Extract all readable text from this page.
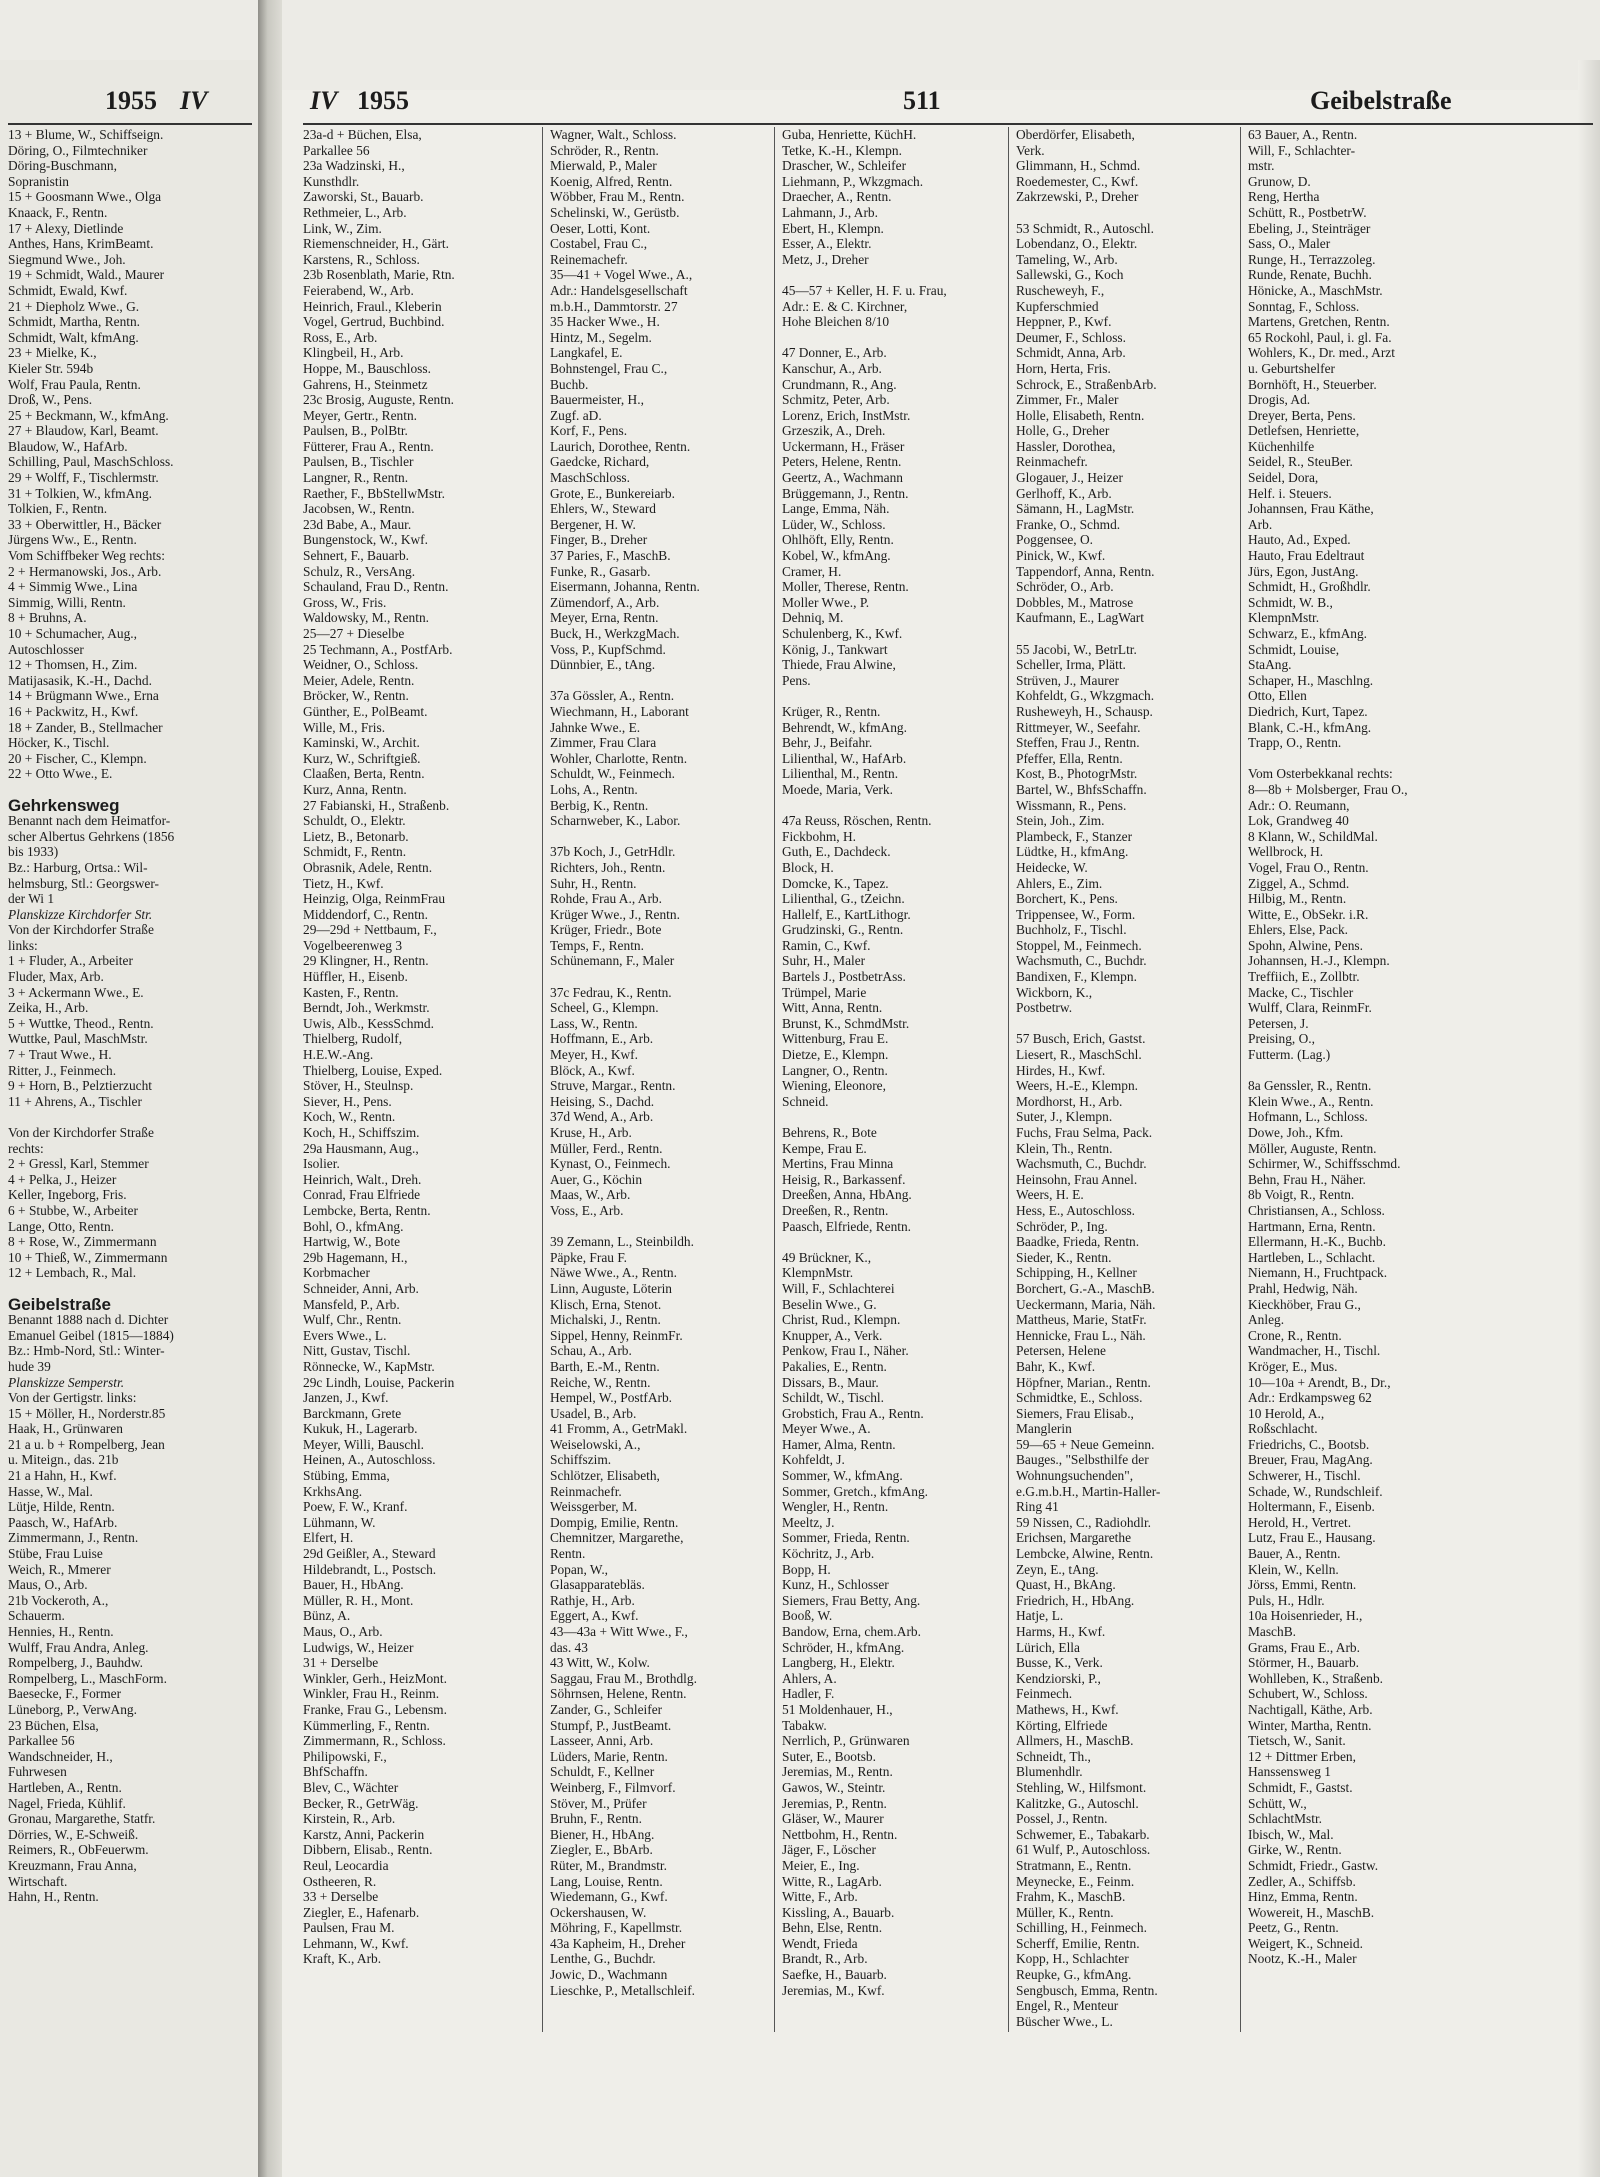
1955 IV	IV 1955	511	Geibelstraße
13 + Blume, W., Schiffseign.
Döring, O., Filmtechniker
Döring-Buschmann,
Sopranistin
15 + Goosmann Wwe., Olga
Knaack, F., Rentn.
17 + Alexy, Dietlinde
Anthes, Hans, KrimBeamt.
Siegmund Wwe., Joh.
19 + Schmidt, Wald., Maurer
Schmidt, Ewald, Kwf.
21 + Diepholz Wwe., G.
Schmidt, Martha, Rentn.
Schmidt, Walt, kfmAng.
23 + Mielke, K.,
Kieler Str. 594b
Wolf, Frau Paula, Rentn.
Droß, W., Pens.
25 + Beckmann, W., kfmAng.
27 + Blaudow, Karl, Beamt.
Blaudow, W., HafArb.
Schilling, Paul, MaschSchloss.
29 + Wolff, F., Tischlermstr.
31 + Tolkien, W., kfmAng.
Tolkien, F., Rentn.
33 + Oberwittler, H., Bäcker
Jürgens Ww., E., Rentn.
Vom Schiffbeker Weg rechts:
2 + Hermanowski, Jos., Arb.
4 + Simmig Wwe., Lina
Simmig, Willi, Rentn.
8 + Bruhns, A.
10 + Schumacher, Aug.,
Autoschlosser
12 + Thomsen, H., Zim.
Matijasasik, K.-H., Dachd.
14 + Brügmann Wwe., Erna
16 + Packwitz, H., Kwf.
18 + Zander, B., Stellmacher
Höcker, K., Tischl.
20 + Fischer, C., Klempn.
22 + Otto Wwe., E.
Gehrkensweg
Benannt nach dem Heimatfor-
scher Albertus Gehrkens (1856
bis 1933)
Bz.: Harburg, Ortsa.: Wil-
helmsburg, Stl.: Georgswer-
der Wi 1
Planskizze Kirchdorfer Str.
Von der Kirchdorfer Straße
links:
1 + Fluder, A., Arbeiter
Fluder, Max, Arb.
3 + Ackermann Wwe., E.
Zeika, H., Arb.
5 + Wuttke, Theod., Rentn.
Wuttke, Paul, MaschMstr.
7 + Traut Wwe., H.
Ritter, J., Feinmech.
9 + Horn, B., Pelztierzucht
11 + Ahrens, A., Tischler
Von der Kirchdorfer Straße
rechts:
2 + Gressl, Karl, Stemmer
4 + Pelka, J., Heizer
Keller, Ingeborg, Fris.
6 + Stubbe, W., Arbeiter
Lange, Otto, Rentn.
8 + Rose, W., Zimmermann
10 + Thieß, W., Zimmermann
12 + Lembach, R., Mal.
Geibelstraße
Benannt 1888 nach d. Dichter
Emanuel Geibel (1815—1884)
Bz.: Hmb-Nord, Stl.: Winter-
hude 39
Planskizze Semperstr.
Von der Gertigstr. links:
15 + Möller, H., Norderstr.85
Haak, H., Grünwaren
21 a u. b + Rompelberg, Jean
u. Miteign., das. 21b
21 a Hahn, H., Kwf.
Hasse, W., Mal.
Lütje, Hilde, Rentn.
Paasch, W., HafArb.
Zimmermann, J., Rentn.
Stübe, Frau Luise
Weich, R., Mmerer
Maus, O., Arb.
21b Vockeroth, A.,
Schauerm.
Hennies, H., Rentn.
Wulff, Frau Andra, Anleg.
Rompelberg, J., Bauhdw.
Rompelberg, L., MaschForm.
Baesecke, F., Former
Lüneborg, P., VerwAng.
23 Büchen, Elsa,
Parkallee 56
Wandschneider, H.,
Fuhrwesen
Hartleben, A., Rentn.
Nagel, Frieda, Kühlif.
Gronau, Margarethe, Statfr.
Dörries, W., E-Schweiß.
Reimers, R., ObFeuerwm.
Kreuzmann, Frau Anna,
Wirtschaft.
Hahn, H., Rentn.
23a-d + Büchen, Elsa,
Parkallee 56
23a Wadzinski, H.,
Kunsthdlr.
Zaworski, St., Bauarb.
Rethmeier, L., Arb.
Link, W., Zim.
Riemenschneider, H., Gärt.
Karstens, R., Schloss.
23b Rosenblath, Marie, Rtn.
Feierabend, W., Arb.
Heinrich, Fraul., Kleberin
Vogel, Gertrud, Buchbind.
Ross, E., Arb.
Klingbeil, H., Arb.
Hoppe, M., Bauschloss.
Gahrens, H., Steinmetz
23c Brosig, Auguste, Rentn.
Meyer, Gertr., Rentn.
Paulsen, B., PolBtr.
Fütterer, Frau A., Rentn.
Paulsen, B., Tischler
Langner, R., Rentn.
Raether, F., BbStellwMstr.
Jacobsen, W., Rentn.
23d Babe, A., Maur.
Bungenstock, W., Kwf.
Sehnert, F., Bauarb.
Schulz, R., VersAng.
Schauland, Frau D., Rentn.
Gross, W., Fris.
Waldowsky, M., Rentn.
25—27 + Dieselbe
25 Techmann, A., PostfArb.
Weidner, O., Schloss.
Meier, Adele, Rentn.
Bröcker, W., Rentn.
Günther, E., PolBeamt.
Wille, M., Fris.
Kaminski, W., Archit.
Kurz, W., Schriftgieß.
Claaßen, Berta, Rentn.
Kurz, Anna, Rentn.
27 Fabianski, H., Straßenb.
Schuldt, O., Elektr.
Lietz, B., Betonarb.
Schmidt, F., Rentn.
Obrasnik, Adele, Rentn.
Tietz, H., Kwf.
Heinzig, Olga, ReinmFrau
Middendorf, C., Rentn.
29—29d + Nettbaum, F.,
Vogelbeerenweg 3
29 Klingner, H., Rentn.
Hüffler, H., Eisenb.
Kasten, F., Rentn.
Berndt, Joh., Werkmstr.
Uwis, Alb., KessSchmd.
Thielberg, Rudolf,
H.E.W.-Ang.
Thielberg, Louise, Exped.
Stöver, H., Steulnsp.
Siever, H., Pens.
Koch, W., Rentn.
Koch, H., Schiffszim.
29a Hausmann, Aug.,
Isolier.
Heinrich, Walt., Dreh.
Conrad, Frau Elfriede
Lembcke, Berta, Rentn.
Bohl, O., kfmAng.
Hartwig, W., Bote
29b Hagemann, H.,
Korbmacher
Schneider, Anni, Arb.
Mansfeld, P., Arb.
Wulf, Chr., Rentn.
Evers Wwe., L.
Nitt, Gustav, Tischl.
Rönnecke, W., KapMstr.
29c Lindh, Louise, Packerin
Janzen, J., Kwf.
Barckmann, Grete
Kukuk, H., Lagerarb.
Meyer, Willi, Bauschl.
Heinen, A., Autoschloss.
Stübing, Emma,
KrkhsAng.
Poew, F. W., Kranf.
Lühmann, W.
Elfert, H.
29d Geißler, A., Steward
Hildebrandt, L., Postsch.
Bauer, H., HbAng.
Müller, R. H., Mont.
Bünz, A.
Maus, O., Arb.
Ludwigs, W., Heizer
31 + Derselbe
Winkler, Gerh., HeizMont.
Winkler, Frau H., Reinm.
Franke, Frau G., Lebensm.
Kümmerling, F., Rentn.
Zimmermann, R., Schloss.
Philipowski, F.,
BhfSchaffn.
Blev, C., Wächter
Becker, R., GetrWäg.
Kirstein, R., Arb.
Karstz, Anni, Packerin
Dibbern, Elisab., Rentn.
Reul, Leocardia
Ostheeren, R.
33 + Derselbe
Ziegler, E., Hafenarb.
Paulsen, Frau M.
Lehmann, W., Kwf.
Kraft, K., Arb.
Wagner, Walt., Schloss.
Schröder, R., Rentn.
Mierwald, P., Maler
Koenig, Alfred, Rentn.
Wöbber, Frau M., Rentn.
Schelinski, W., Gerüstb.
Oeser, Lotti, Kont.
Costabel, Frau C.,
Reinemachefr.
35—41 + Vogel Wwe., A.,
Adr.: Handelsgesellschaft
m.b.H., Dammtorstr. 27
35 Hacker Wwe., H.
Hintz, M., Segelm.
Langkafel, E.
Bohnstengel, Frau C.,
Buchb.
Bauermeister, H.,
Zugf. aD.
Korf, F., Pens.
Laurich, Dorothee, Rentn.
Gaedcke, Richard,
MaschSchloss.
Grote, E., Bunkereiarb.
Ehlers, W., Steward
Bergener, H. W.
Finger, B., Dreher
37 Paries, F., MaschB.
Funke, R., Gasarb.
Eisermann, Johanna, Rentn.
Zümendorf, A., Arb.
Meyer, Erna, Rentn.
Buck, H., WerkzgMach.
Voss, P., KupfSchmd.
Dünnbier, E., tAng.
37a Gössler, A., Rentn.
Wiechmann, H., Laborant
Jahnke Wwe., E.
Zimmer, Frau Clara
Wohler, Charlotte, Rentn.
Schuldt, W., Feinmech.
Lohs, A., Rentn.
Berbig, K., Rentn.
Scharnweber, K., Labor.
37b Koch, J., GetrHdlr.
Richters, Joh., Rentn.
Suhr, H., Rentn.
Rohde, Frau A., Arb.
Krüger Wwe., J., Rentn.
Krüger, Friedr., Bote
Temps, F., Rentn.
Schünemann, F., Maler
37c Fedrau, K., Rentn.
Scheel, G., Klempn.
Lass, W., Rentn.
Hoffmann, E., Arb.
Meyer, H., Kwf.
Blöck, A., Kwf.
Struve, Margar., Rentn.
Heising, S., Dachd.
37d Wend, A., Arb.
Kruse, H., Arb.
Müller, Ferd., Rentn.
Kynast, O., Feinmech.
Auer, G., Köchin
Maas, W., Arb.
Voss, E., Arb.
39 Zemann, L., Steinbildh.
Päpke, Frau F.
Näwe Wwe., A., Rentn.
Linn, Auguste, Löterin
Klisch, Erna, Stenot.
Michalski, J., Rentn.
Sippel, Henny, ReinmFr.
Schau, A., Arb.
Barth, E.-M., Rentn.
Reiche, W., Rentn.
Hempel, W., PostfArb.
Usadel, B., Arb.
41 Fromm, A., GetrMakl.
Weiselowski, A.,
Schiffszim.
Schlötzer, Elisabeth,
Reinmachefr.
Weissgerber, M.
Dompig, Emilie, Rentn.
Chemnitzer, Margarethe,
Rentn.
Popan, W.,
Glasapparatebläs.
Rathje, H., Arb.
Eggert, A., Kwf.
43—43a + Witt Wwe., F.,
das. 43
43 Witt, W., Kolw.
Saggau, Frau M., Brothdlg.
Söhrnsen, Helene, Rentn.
Zander, G., Schleifer
Stumpf, P., JustBeamt.
Lasseer, Anni, Arb.
Lüders, Marie, Rentn.
Schuldt, F., Kellner
Weinberg, F., Filmvorf.
Stöver, M., Prüfer
Bruhn, F., Rentn.
Biener, H., HbAng.
Ziegler, E., BbArb.
Rüter, M., Brandmstr.
Lang, Louise, Rentn.
Wiedemann, G., Kwf.
Ockershausen, W.
Möhring, F., Kapellmstr.
43a Kapheim, H., Dreher
Lenthe, G., Buchdr.
Jowic, D., Wachmann
Lieschke, P., Metallschleif.
Guba, Henriette, KüchH.
Tetke, K.-H., Klempn.
Drascher, W., Schleifer
Liehmann, P., Wkzgmach.
Draecher, A., Rentn.
Lahmann, J., Arb.
Ebert, H., Klempn.
Esser, A., Elektr.
Metz, J., Dreher
45—57 + Keller, H. F. u. Frau,
Adr.: E. & C. Kirchner,
Hohe Bleichen 8/10
47 Donner, E., Arb.
Kanschur, A., Arb.
Crundmann, R., Ang.
Schmitz, Peter, Arb.
Lorenz, Erich, InstMstr.
Grzeszik, A., Dreh.
Uckermann, H., Fräser
Peters, Helene, Rentn.
Geertz, A., Wachmann
Brüggemann, J., Rentn.
Lange, Emma, Näh.
Lüder, W., Schloss.
Ohlhöft, Elly, Rentn.
Kobel, W., kfmAng.
Cramer, H.
Moller, Therese, Rentn.
Moller Wwe., P.
Dehniq, M.
Schulenberg, K., Kwf.
König, J., Tankwart
Thiede, Frau Alwine,
Pens.
Krüger, R., Rentn.
Behrendt, W., kfmAng.
Behr, J., Beifahr.
Lilienthal, W., HafArb.
Lilienthal, M., Rentn.
Moede, Maria, Verk.
47a Reuss, Röschen, Rentn.
Fickbohm, H.
Guth, E., Dachdeck.
Block, H.
Domcke, K., Tapez.
Lilienthal, G., tZeichn.
Hallelf, E., KartLithogr.
Grudzinski, G., Rentn.
Ramin, C., Kwf.
Suhr, H., Maler
Bartels J., PostbetrAss.
Trümpel, Marie
Witt, Anna, Rentn.
Brunst, K., SchmdMstr.
Wittenburg, Frau E.
Dietze, E., Klempn.
Langner, O., Rentn.
Wiening, Eleonore,
Schneid.
Behrens, R., Bote
Kempe, Frau E.
Mertins, Frau Minna
Heisig, R., Barkassenf.
Dreeßen, Anna, HbAng.
Dreeßen, R., Rentn.
Paasch, Elfriede, Rentn.
49 Brückner, K.,
KlempnMstr.
Will, F., Schlachterei
Beselin Wwe., G.
Christ, Rud., Klempn.
Knupper, A., Verk.
Penkow, Frau I., Näher.
Pakalies, E., Rentn.
Dissars, B., Maur.
Schildt, W., Tischl.
Grobstich, Frau A., Rentn.
Meyer Wwe., A.
Hamer, Alma, Rentn.
Kohfeldt, J.
Sommer, W., kfmAng.
Sommer, Gretch., kfmAng.
Wengler, H., Rentn.
Meeltz, J.
Sommer, Frieda, Rentn.
Köchritz, J., Arb.
Bopp, H.
Kunz, H., Schlosser
Siemers, Frau Betty, Ang.
Booß, W.
Bandow, Erna, chem.Arb.
Schröder, H., kfmAng.
Langberg, H., Elektr.
Ahlers, A.
Hadler, F.
51 Moldenhauer, H.,
Tabakw.
Nerrlich, P., Grünwaren
Suter, E., Bootsb.
Jeremias, M., Rentn.
Gawos, W., Steintr.
Jeremias, P., Rentn.
Gläser, W., Maurer
Nettbohm, H., Rentn.
Jäger, F., Löscher
Meier, E., Ing.
Witte, R., LagArb.
Witte, F., Arb.
Kissling, A., Bauarb.
Behn, Else, Rentn.
Wendt, Frieda
Brandt, R., Arb.
Saefke, H., Bauarb.
Jeremias, M., Kwf.
Oberdörfer, Elisabeth,
Verk.
Glimmann, H., Schmd.
Roedemester, C., Kwf.
Zakrzewski, P., Dreher
53 Schmidt, R., Autoschl.
Lobendanz, O., Elektr.
Tameling, W., Arb.
Sallewski, G., Koch
Ruscheweyh, F.,
Kupferschmied
Heppner, P., Kwf.
Deumer, F., Schloss.
Schmidt, Anna, Arb.
Horn, Herta, Fris.
Schrock, E., StraßenbArb.
Zimmer, Fr., Maler
Holle, Elisabeth, Rentn.
Holle, G., Dreher
Hassler, Dorothea,
Reinmachefr.
Glogauer, J., Heizer
Gerlhoff, K., Arb.
Sämann, H., LagMstr.
Franke, O., Schmd.
Poggensee, O.
Pinick, W., Kwf.
Tappendorf, Anna, Rentn.
Schröder, O., Arb.
Dobbles, M., Matrose
Kaufmann, E., LagWart
55 Jacobi, W., BetrLtr.
Scheller, Irma, Plätt.
Strüven, J., Maurer
Kohfeldt, G., Wkzgmach.
Rusheweyh, H., Schausp.
Rittmeyer, W., Seefahr.
Steffen, Frau J., Rentn.
Pfeffer, Ella, Rentn.
Kost, B., PhotogrMstr.
Bartel, W., BhfsSchaffn.
Wissmann, R., Pens.
Stein, Joh., Zim.
Plambeck, F., Stanzer
Lüdtke, H., kfmAng.
Heidecke, W.
Ahlers, E., Zim.
Borchert, K., Pens.
Trippensee, W., Form.
Buchholz, F., Tischl.
Stoppel, M., Feinmech.
Wachsmuth, C., Buchdr.
Bandixen, F., Klempn.
Wickborn, K.,
Postbetrw.
57 Busch, Erich, Gastst.
Liesert, R., MaschSchl.
Hirdes, H., Kwf.
Weers, H.-E., Klempn.
Mordhorst, H., Arb.
Suter, J., Klempn.
Fuchs, Frau Selma, Pack.
Klein, Th., Rentn.
Wachsmuth, C., Buchdr.
Heinsohn, Frau Annel.
Weers, H. E.
Hess, E., Autoschloss.
Schröder, P., Ing.
Baadke, Frieda, Rentn.
Sieder, K., Rentn.
Schipping, H., Kellner
Borchert, G.-A., MaschB.
Ueckermann, Maria, Näh.
Mattheus, Marie, StatFr.
Hennicke, Frau L., Näh.
Petersen, Helene
Bahr, K., Kwf.
Höpfner, Marian., Rentn.
Schmidtke, E., Schloss.
Siemers, Frau Elisab.,
Manglerin
59—65 + Neue Gemeinn.
Bauges., "Selbsthilfe der
Wohnungsuchenden",
e.G.m.b.H., Martin-Haller-
Ring 41
59 Nissen, C., Radiohdlr.
Erichsen, Margarethe
Lembcke, Alwine, Rentn.
Zeyn, E., tAng.
Quast, H., BkAng.
Friedrich, H., HbAng.
Hatje, L.
Harms, H., Kwf.
Lürich, Ella
Busse, K., Verk.
Kendziorski, P.,
Feinmech.
Mathews, H., Kwf.
Körting, Elfriede
Allmers, H., MaschB.
Schneidt, Th.,
Blumenhdlr.
Stehling, W., Hilfsmont.
Kalitzke, G., Autoschl.
Possel, J., Rentn.
Schwemer, E., Tabakarb.
61 Wulf, P., Autoschloss.
Stratmann, E., Rentn.
Meynecke, E., Feinm.
Frahm, K., MaschB.
Müller, K., Rentn.
Schilling, H., Feinmech.
Scherff, Emilie, Rentn.
Kopp, H., Schlachter
Reupke, G., kfmAng.
Sengbusch, Emma, Rentn.
Engel, R., Menteur
Büscher Wwe., L.
63 Bauer, A., Rentn.
Will, F., Schlachter-
mstr.
Grunow, D.
Reng, Hertha
Schütt, R., PostbetrW.
Ebeling, J., Steinträger
Sass, O., Maler
Runge, H., Terrazzoleg.
Runde, Renate, Buchh.
Hönicke, A., MaschMstr.
Sonntag, F., Schloss.
Martens, Gretchen, Rentn.
65 Rockohl, Paul, i. gl. Fa.
Wohlers, K., Dr. med., Arzt
u. Geburtshelfer
Bornhöft, H., Steuerber.
Drogis, Ad.
Dreyer, Berta, Pens.
Detlefsen, Henriette,
Küchenhilfe
Seidel, R., SteuBer.
Seidel, Dora,
Helf. i. Steuers.
Johannsen, Frau Käthe,
Arb.
Hauto, Ad., Exped.
Hauto, Frau Edeltraut
Jürs, Egon, JustAng.
Schmidt, H., Großhdlr.
Schmidt, W. B.,
KlempnMstr.
Schwarz, E., kfmAng.
Schmidt, Louise,
StaAng.
Schaper, H., Maschlng.
Otto, Ellen
Diedrich, Kurt, Tapez.
Blank, C.-H., kfmAng.
Trapp, O., Rentn.
Vom Osterbekkanal rechts:
8—8b + Molsberger, Frau O.,
Adr.: O. Reumann,
Lok, Grandweg 40
8 Klann, W., SchildMal.
Wellbrock, H.
Vogel, Frau O., Rentn.
Ziggel, A., Schmd.
Hilbig, M., Rentn.
Witte, E., ObSekr. i.R.
Ehlers, Else, Pack.
Spohn, Alwine, Pens.
Johannsen, H.-J., Klempn.
Treffiich, E., Zollbtr.
Macke, C., Tischler
Wulff, Clara, ReinmFr.
Petersen, J.
Preising, O.,
Futterm. (Lag.)
8a Genssler, R., Rentn.
Klein Wwe., A., Rentn.
Hofmann, L., Schloss.
Dowe, Joh., Kfm.
Möller, Auguste, Rentn.
Schirmer, W., Schiffsschmd.
Behn, Frau H., Näher.
8b Voigt, R., Rentn.
Christiansen, A., Schloss.
Hartmann, Erna, Rentn.
Ellermann, H.-K., Buchb.
Hartleben, L., Schlacht.
Niemann, H., Fruchtpack.
Prahl, Hedwig, Näh.
Kieckhöber, Frau G.,
Anleg.
Crone, R., Rentn.
Wandmacher, H., Tischl.
Kröger, E., Mus.
10—10a + Arendt, B., Dr.,
Adr.: Erdkampsweg 62
10 Herold, A.,
Roßschlacht.
Friedrichs, C., Bootsb.
Breuer, Frau, MagAng.
Schwerer, H., Tischl.
Schade, W., Rundschleif.
Holtermann, F., Eisenb.
Herold, H., Vertret.
Lutz, Frau E., Hausang.
Bauer, A., Rentn.
Klein, W., Kelln.
Jörss, Emmi, Rentn.
Puls, H., Hdlr.
10a Hoisenrieder, H.,
MaschB.
Grams, Frau E., Arb.
Störmer, H., Bauarb.
Wohlleben, K., Straßenb.
Schubert, W., Schloss.
Nachtigall, Käthe, Arb.
Winter, Martha, Rentn.
Tietsch, W., Sanit.
12 + Dittmer Erben,
Hanssensweg 1
Schmidt, F., Gastst.
Schütt, W.,
SchlachtMstr.
Ibisch, W., Mal.
Girke, W., Rentn.
Schmidt, Friedr., Gastw.
Zedler, A., Schiffsb.
Hinz, Emma, Rentn.
Wowereit, H., MaschB.
Peetz, G., Rentn.
Weigert, K., Schneid.
Nootz, K.-H., Maler
